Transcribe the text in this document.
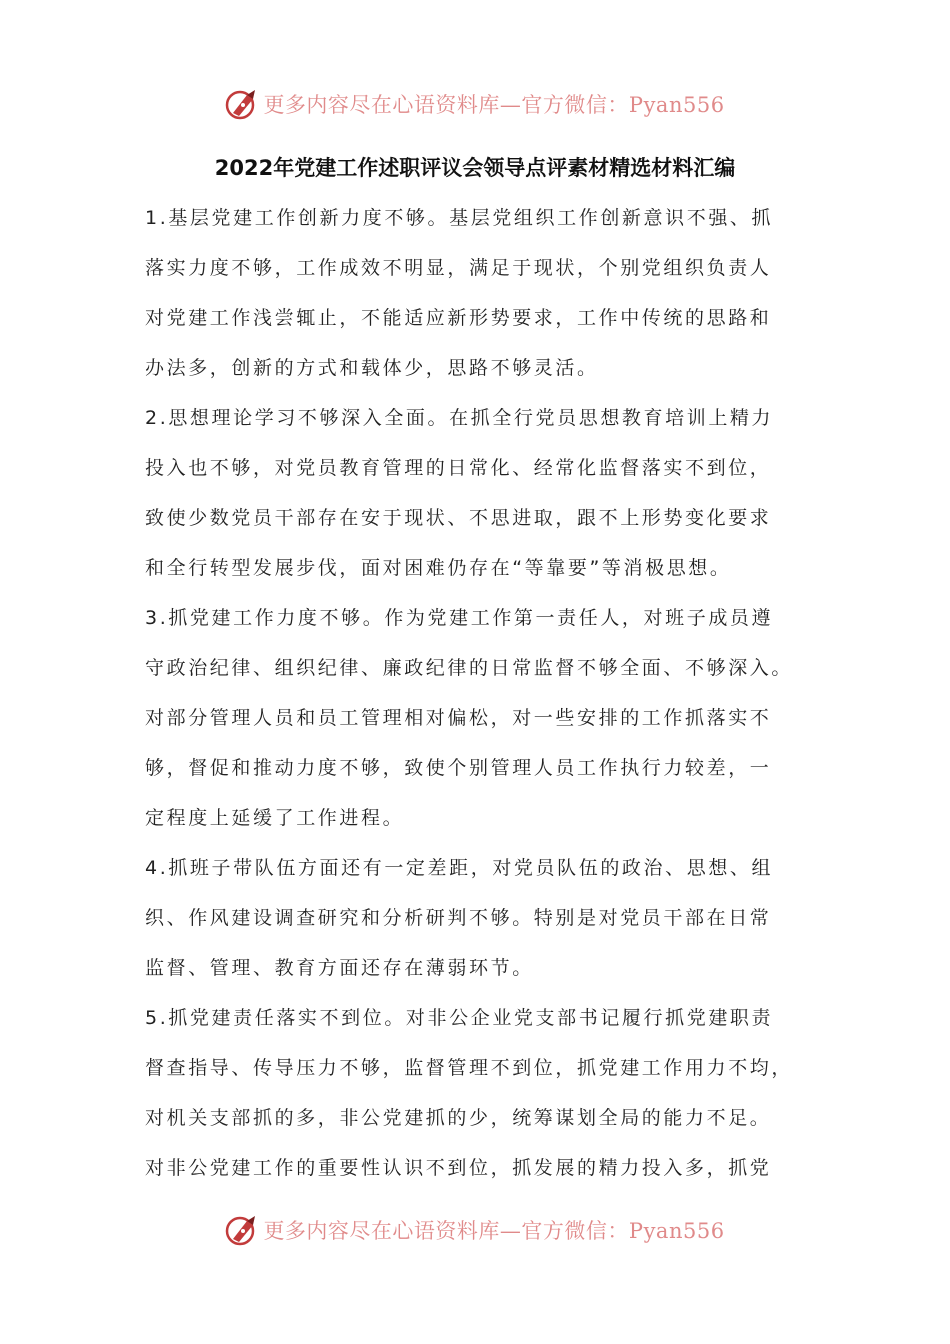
更多内容尽在心语资料库—官方微信：Pyan556
2022年党建工作述职评议会领导点评素材精选材料汇编
1.基层党建工作创新力度不够。基层党组织工作创新意识不强、抓
落实力度不够，工作成效不明显，满足于现状，个别党组织负责人
对党建工作浅尝辄止，不能适应新形势要求，工作中传统的思路和
办法多，创新的方式和载体少，思路不够灵活。
2.思想理论学习不够深入全面。在抓全行党员思想教育培训上精力
投入也不够，对党员教育管理的日常化、经常化监督落实不到位，
致使少数党员干部存在安于现状、不思进取，跟不上形势变化要求
和全行转型发展步伐，面对困难仍存在“等靠要”等消极思想。
3.抓党建工作力度不够。作为党建工作第一责任人，对班子成员遵
守政治纪律、组织纪律、廉政纪律的日常监督不够全面、不够深入。
对部分管理人员和员工管理相对偏松，对一些安排的工作抓落实不
够，督促和推动力度不够，致使个别管理人员工作执行力较差，一
定程度上延缓了工作进程。
4.抓班子带队伍方面还有一定差距，对党员队伍的政治、思想、组
织、作风建设调查研究和分析研判不够。特别是对党员干部在日常
监督、管理、教育方面还存在薄弱环节。
5.抓党建责任落实不到位。对非公企业党支部书记履行抓党建职责
督查指导、传导压力不够，监督管理不到位，抓党建工作用力不均，
对机关支部抓的多，非公党建抓的少，统筹谋划全局的能力不足。
对非公党建工作的重要性认识不到位，抓发展的精力投入多，抓党
更多内容尽在心语资料库—官方微信：Pyan556
